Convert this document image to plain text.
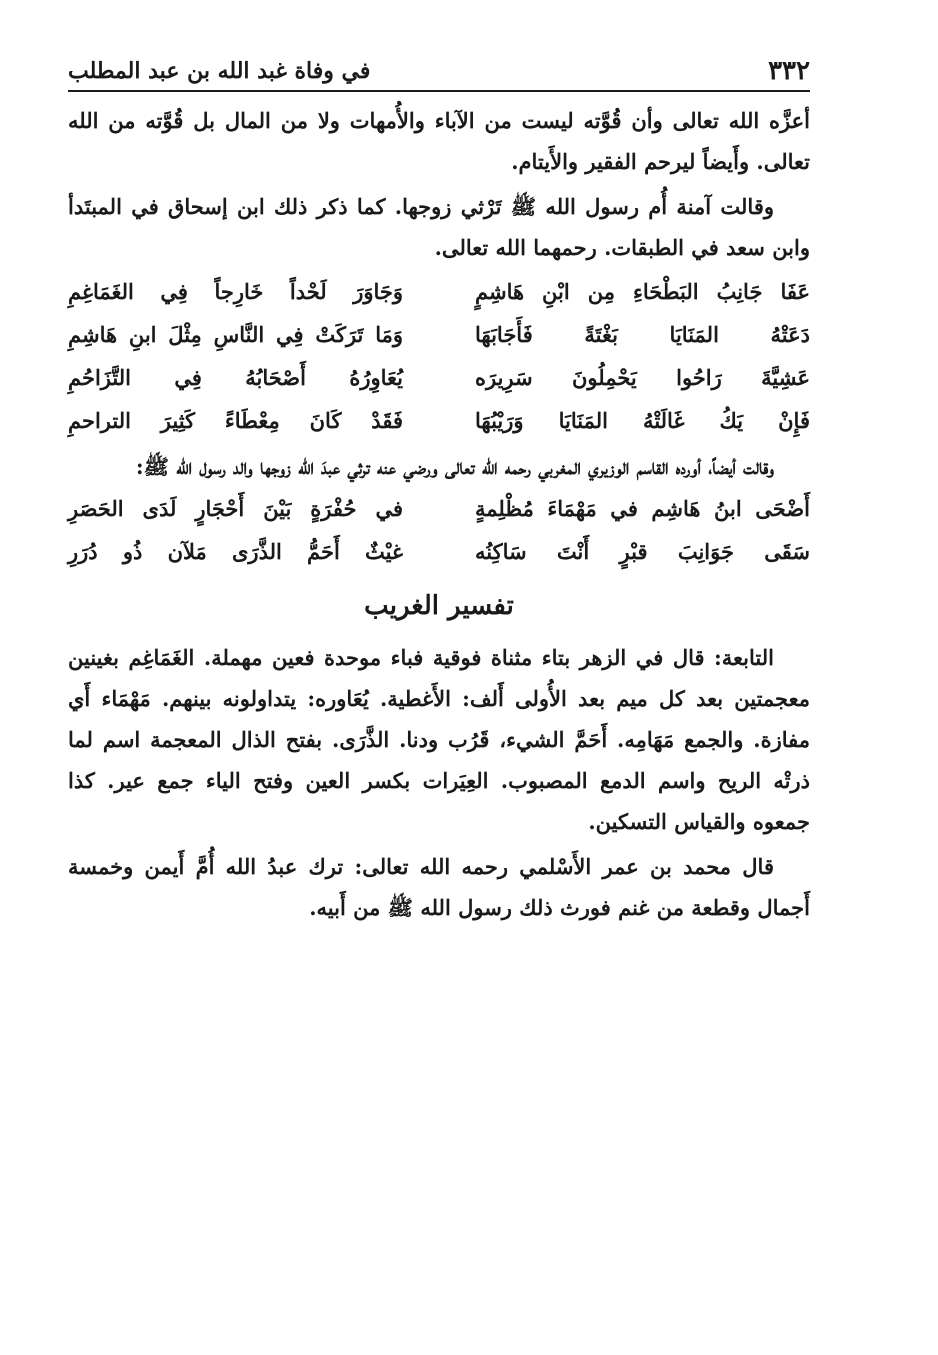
٣٣٢
في وفاة غبد الله بن عبد المطلب

أعزَّه الله تعالى وأن قُوَّته ليست من الآباء والأُمهات ولا من المال بل قُوَّته من الله تعالى. وأَيضاً ليرحم الفقير والأَيتام.

وقالت آمنة أُم رسول الله ﷺ تَرْثي زوجها. كما ذكر ذلك ابن إسحاق في المبتَدأ وابن سعد في الطبقات. رحمهما الله تعالى.

عَفَا جَانِبُ البَطْحَاءِ مِن ابْنِ هَاشِمٍ
وَجَاوَرَ لَحْداً خَارِجاً فِي الغَمَاغِمِ
دَعَتْهُ المَنَايَا بَغْتَةً فَأَجَابَهَا
وَمَا تَرَكَتْ فِي النَّاسِ مِثْلَ ابنِ هَاشِمِ
عَشِيَّةَ رَاحُوا يَحْمِلُونَ سَرِيرَه
يُعَاوِرُهُ أَصْحَابُهُ فِي التَّزَاحُمِ
فَإِنْ يَكُ غَالَتْهُ المَنَايَا وَرَيْبُهَا
فَقَدْ كَانَ مِعْطَاءً كَثِيرَ التراحمِ

وقالت أيضاً، أورده القاسم الوزيري المغربي رحمه الله تعالى ورضي عنه ترثي عبدَ الله زوجها والد رسول الله ﷺ:

أَضْحَى ابنُ هَاشِم في مَهْمَاءَ مُظْلِمةٍ
في حُفْرَةٍ بَيْنَ أَحْجَارٍ لَدَى الحَصَرِ
سَقَى جَوَانِبَ قبْرٍ أَنْتَ سَاكِنُه
غيْثٌ أَحَمُّ الذَّرَى مَلآن ذُو دُرَرِ
تفسير الغريب

التابعة: قال في الزهر بتاء مثناة فوقية فباء موحدة فعين مهملة. الغَمَاغِم بغينين معجمتين بعد كل ميم بعد الأُولى أَلف: الأَغطية. يُعَاوره: يتداولونه بينهم. مَهْمَاء أَي مفازة. والجمع مَهَامِه. أَحَمَّ الشيء، قَرُب ودنا. الذَّرَى. بفتح الذال المعجمة اسم لما ذرتْه الريح واسم الدمع المصبوب. العِيَرات بكسر العين وفتح الياء جمع عير. كذا جمعوه والقياس التسكين.

قال محمد بن عمر الأَسْلمي رحمه الله تعالى: ترك عبدُ الله أُمَّ أَيمن وخمسة أَجمال وقطعة من غنم فورث ذلك رسول الله ﷺ من أَبيه.
